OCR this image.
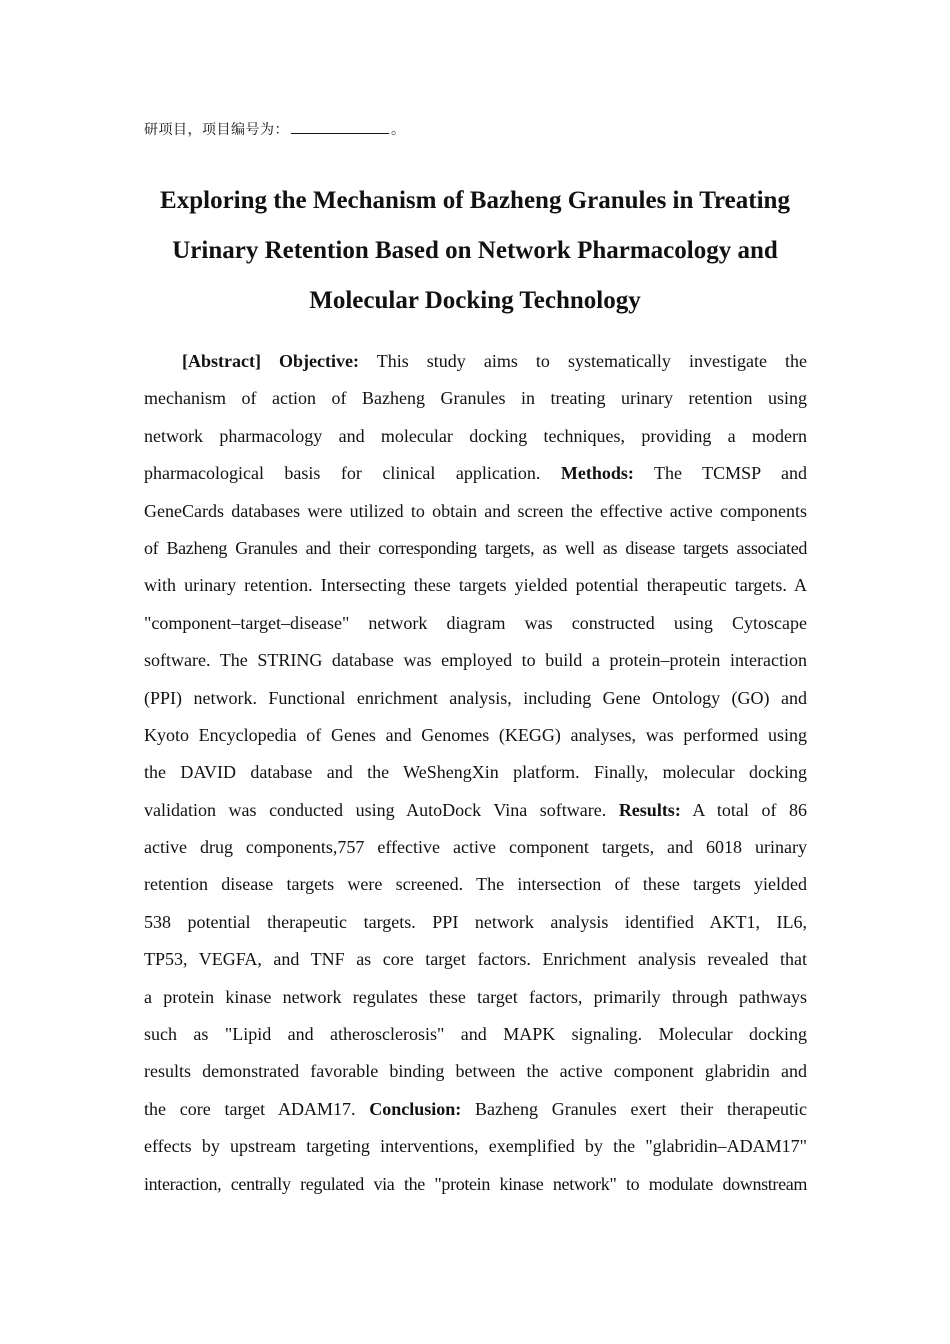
研项目，项目编号为：	。
Exploring the Mechanism of Bazheng Granules in Treating
Urinary Retention Based on Network Pharmacology and
Molecular Docking Technology
[Abstract] Objective: This study aims to systematically investigate the
mechanism of action of Bazheng Granules in treating urinary retention using
network pharmacology and molecular docking techniques, providing a modern
pharmacological basis for clinical application. Methods: The TCMSP and
GeneCards databases were utilized to obtain and screen the effective active components
of Bazheng Granules and their corresponding targets, as well as disease targets associated
with urinary retention. Intersecting these targets yielded potential therapeutic targets. A
"component–target–disease" network diagram was constructed using Cytoscape
software. The STRING database was employed to build a protein–protein interaction
(PPI) network. Functional enrichment analysis, including Gene Ontology (GO) and
Kyoto Encyclopedia of Genes and Genomes (KEGG) analyses, was performed using
the DAVID database and the WeShengXin platform. Finally, molecular docking
validation was conducted using AutoDock Vina software. Results: A total of 86
active drug components,757 effective active component targets, and 6018 urinary
retention disease targets were screened. The intersection of these targets yielded
538 potential therapeutic targets. PPI network analysis identified AKT1, IL6,
TP53, VEGFA, and TNF as core target factors. Enrichment analysis revealed that
a protein kinase network regulates these target factors, primarily through pathways
such as "Lipid and atherosclerosis" and MAPK signaling. Molecular docking
results demonstrated favorable binding between the active component glabridin and
the core target ADAM17. Conclusion: Bazheng Granules exert their therapeutic
effects by upstream targeting interventions, exemplified by the "glabridin–ADAM17"
interaction, centrally regulated via the "protein kinase network" to modulate downstream
